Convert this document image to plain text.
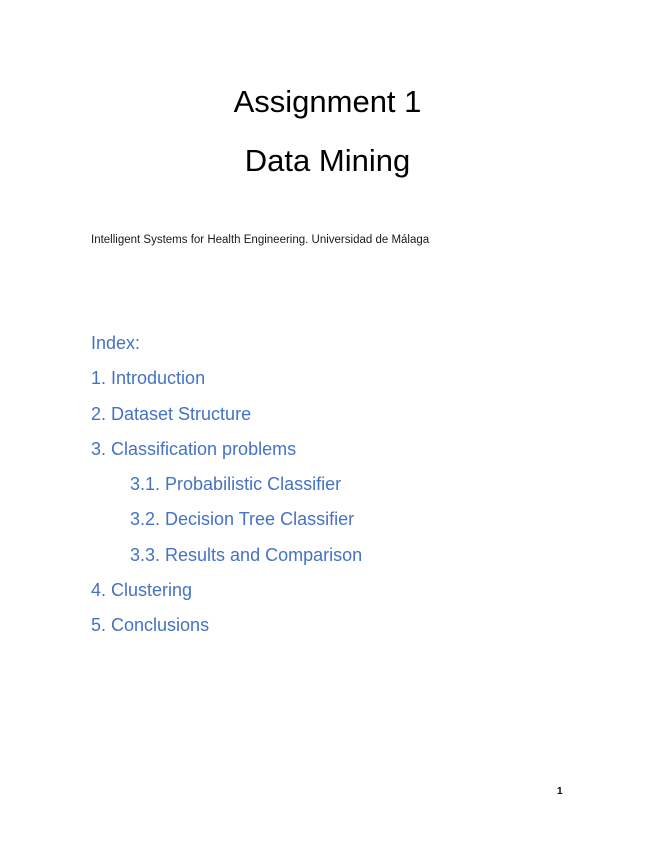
Assignment 1
Data Mining
Intelligent Systems for Health Engineering. Universidad de Málaga
Index:
1. Introduction
2. Dataset Structure
3. Classification problems
3.1. Probabilistic Classifier
3.2. Decision Tree Classifier
3.3. Results and Comparison
4. Clustering
5. Conclusions
1
